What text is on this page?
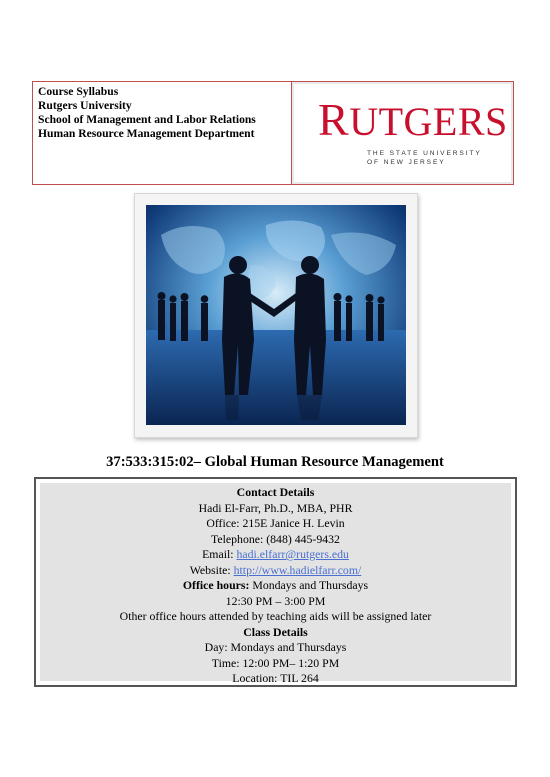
Course Syllabus
Rutgers University
School of Management and Labor Relations
Human Resource Management Department	RUTGERS
THE STATE UNIVERSITY
OF NEW JERSEY
37:533:315:02– Global Human Resource Management
Contact Details
Hadi El-Farr, Ph.D., MBA, PHR
Office: 215E Janice H. Levin
Telephone: (848) 445-9432
Email: hadi.elfarr@rutgers.edu
Website: http://www.hadielfarr.com/
Office hours: Mondays and Thursdays
12:30 PM – 3:00 PM
Other office hours attended by teaching aids will be assigned later
Class Details
Day: Mondays and Thursdays
Time: 12:00 PM– 1:20 PM
Location: TIL 264
